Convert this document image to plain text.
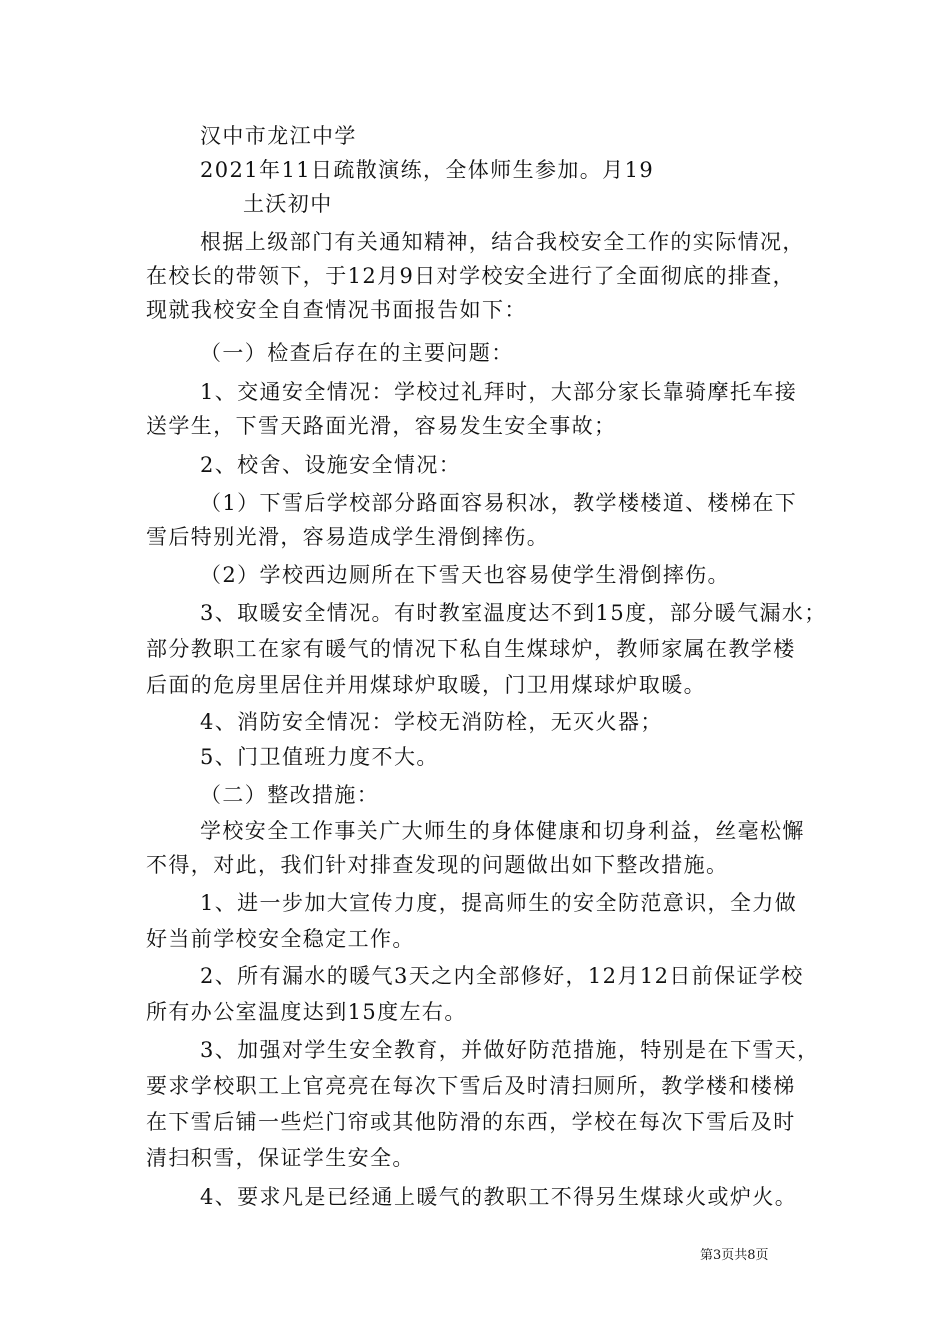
汉中市龙江中学
2021年11日疏散演练，全体师生参加。月19
土沃初中
根据上级部门有关通知精神，结合我校安全工作的实际情况，
在校长的带领下，于12月9日对学校安全进行了全面彻底的排查，
现就我校安全自查情况书面报告如下：
（一）检查后存在的主要问题：
1、交通安全情况：学校过礼拜时，大部分家长靠骑摩托车接
送学生，下雪天路面光滑，容易发生安全事故；
2、校舍、设施安全情况：
（1）下雪后学校部分路面容易积冰，教学楼楼道、楼梯在下
雪后特别光滑，容易造成学生滑倒摔伤。
（2）学校西边厕所在下雪天也容易使学生滑倒摔伤。
3、取暖安全情况。有时教室温度达不到15度，部分暖气漏水；
部分教职工在家有暖气的情况下私自生煤球炉，教师家属在教学楼
后面的危房里居住并用煤球炉取暖，门卫用煤球炉取暖。
4、消防安全情况：学校无消防栓，无灭火器；
5、门卫值班力度不大。
（二）整改措施：
学校安全工作事关广大师生的身体健康和切身利益，丝毫松懈
不得，对此，我们针对排查发现的问题做出如下整改措施。
1、进一步加大宣传力度，提高师生的安全防范意识，全力做
好当前学校安全稳定工作。
2、所有漏水的暖气3天之内全部修好，12月12日前保证学校
所有办公室温度达到15度左右。
3、加强对学生安全教育，并做好防范措施，特别是在下雪天，
要求学校职工上官亮亮在每次下雪后及时清扫厕所，教学楼和楼梯
在下雪后铺一些烂门帘或其他防滑的东西，学校在每次下雪后及时
清扫积雪，保证学生安全。
4、要求凡是已经通上暖气的教职工不得另生煤球火或炉火。
第3页共8页
